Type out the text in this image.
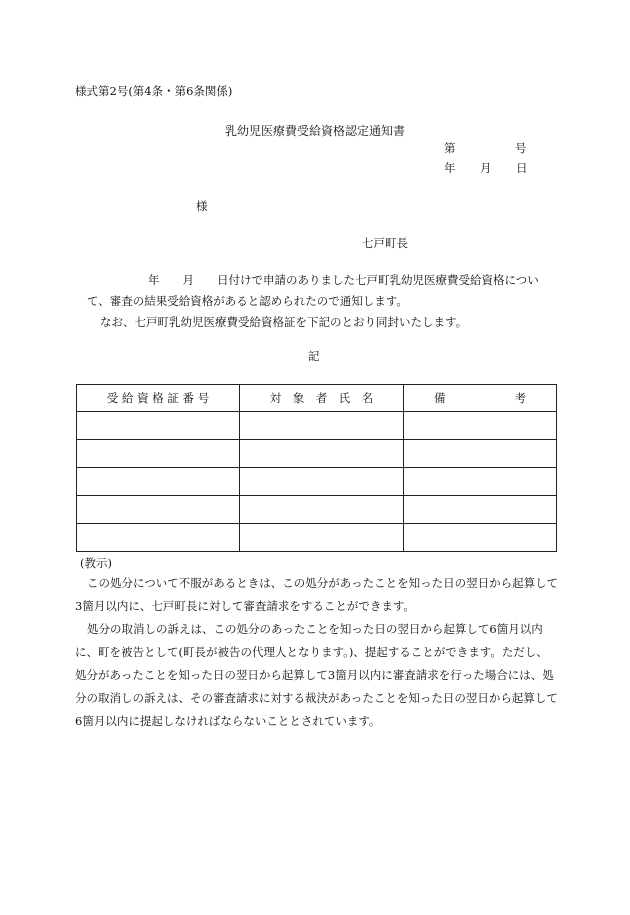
様式第2号(第4条・第6条関係)
乳幼児医療費受給資格認定通知書
第	号
年 月 日
様
七戸町長
年　　月　　日付けで申請のありました七戸町乳幼児医療費受給資格につい
て、審査の結果受給資格があると認められたので通知します。
なお、七戸町乳幼児医療費受給資格証を下記のとおり同封いたします。
記
受 給 資 格 証 番 号	対　象　者　氏　名	備　　　　　　考

(教示)
この処分について不服があるときは、この処分があったことを知った日の翌日から起算して3箇月以内に、七戸町長に対して審査請求をすることができます。
処分の取消しの訴えは、この処分のあったことを知った日の翌日から起算して6箇月以内に、町を被告として(町長が被告の代理人となります。)、提起することができます。ただし、処分があったことを知った日の翌日から起算して3箇月以内に審査請求を行った場合には、処分の取消しの訴えは、その審査請求に対する裁決があったことを知った日の翌日から起算して6箇月以内に提起しなければならないこととされています。
